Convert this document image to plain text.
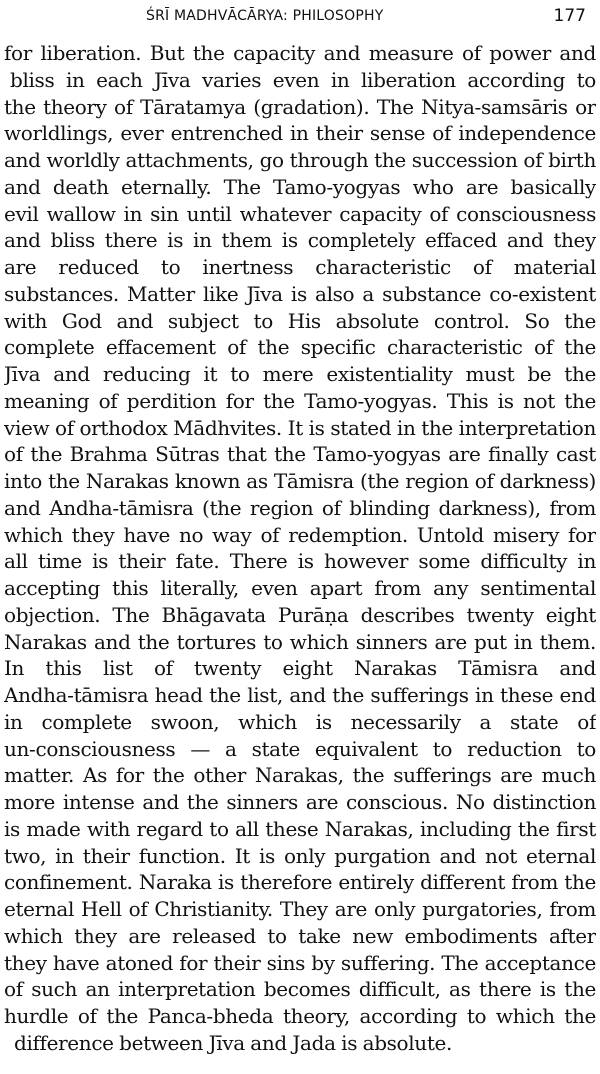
ŚRĪ MADHVĀCĀRYA: PHILOSOPHY	177
for liberation. But the capacity and measure of power and
bliss in each Jīva varies even in liberation according to
the theory of Tāratamya (gradation). The Nitya-samsāris or
worldlings, ever entrenched in their sense of independence
and worldly attachments, go through the succession of birth
and death eternally. The Tamo-yogyas who are basically
evil wallow in sin until whatever capacity of consciousness
and bliss there is in them is completely effaced and they
are reduced to inertness characteristic of material
substances. Matter like Jīva is also a substance co-existent
with God and subject to His absolute control. So the
complete effacement of the specific characteristic of the
Jīva and reducing it to mere existentiality must be the
meaning of perdition for the Tamo-yogyas. This is not the
view of orthodox Mādhvites. It is stated in the interpretation
of the Brahma Sūtras that the Tamo-yogyas are finally cast
into the Narakas known as Tāmisra (the region of darkness)
and Andha-tāmisra (the region of blinding darkness), from
which they have no way of redemption. Untold misery for
all time is their fate. There is however some difficulty in
accepting this literally, even apart from any sentimental
objection. The Bhāgavata Purāṇa describes twenty eight
Narakas and the tortures to which sinners are put in them.
In this list of twenty eight Narakas Tāmisra and
Andha-tāmisra head the list, and the sufferings in these end
in complete swoon, which is necessarily a state of
un-consciousness — a state equivalent to reduction to
matter. As for the other Narakas, the sufferings are much
more intense and the sinners are conscious. No distinction
is made with regard to all these Narakas, including the first
two, in their function. It is only purgation and not eternal
confinement. Naraka is therefore entirely different from the
eternal Hell of Christianity. They are only purgatories, from
which they are released to take new embodiments after
they have atoned for their sins by suffering. The acceptance
of such an interpretation becomes difficult, as there is the
hurdle of the Panca-bheda theory, according to which the
difference between Jīva and Jada is absolute.
